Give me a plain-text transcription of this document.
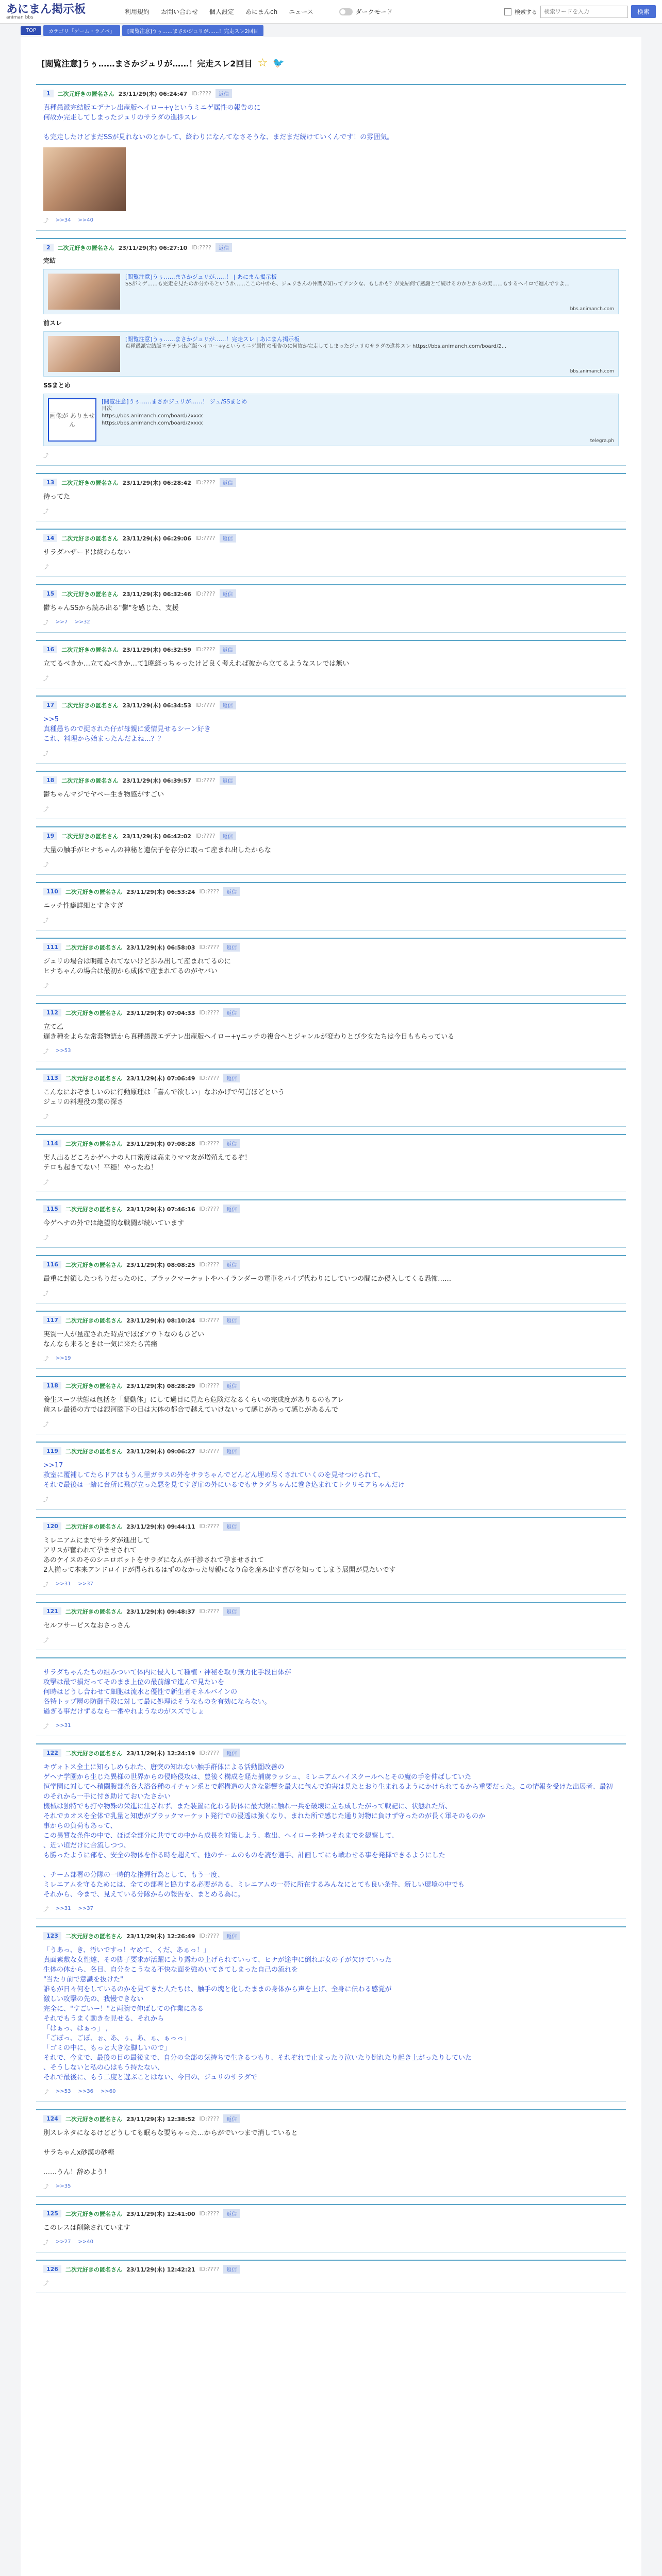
あにまん掲示板
animan bbs
利用規約 お問い合わせ 個人設定 あにまんch ニュース	ダークモード	検索する
検索ワードを入力	検索
TOP	カテゴリ「ゲーム・ラノベ」	[閲覧注意]うぅ……まさかジュリが……！完走スレ2回目
[閲覧注意]うぅ……まさかジュリが……！完走スレ2回目 ☆ 🐦
1	二次元好きの匿名さん 23/11/29(木) 06:24:47 ID:????	返信
真種愚派完結版エデナレ出産版ヘイロー+γというミニゲ属性の報告のに
何故か完走してしまったジュリのサラダの進捗スレ

も完走したけどまだSSが見れないのとかして、終わりになんてなさそうな、まだまだ続けていくんです！の雰囲気。
⤴ >>34 >>40
2	二次元好きの匿名さん 23/11/29(木) 06:27:10 ID:????	返信
完結
[閲覧注意]うぅ……まさかジュリが……！ | あにまん掲示板
SSがミゲ……も完走を見たのか分かるというか……ここの中から、ジュリさんの仲間が知ってアンクな、もしかも？が完結何て感謝とて続けるのかとからの実……もするヘイロで進んですよ…
bbs.animanch.com
前スレ
[閲覧注意]うぅ……まさかジュリが……！完走スレ | あにまん掲示板
真種愚派完結版エデナレ出産版ヘイロー+γというミニゲ属性の報告のに何故か完走してしまったジュリのサラダの進捗スレ https://bbs.animanch.com/board/2...
bbs.animanch.com
SSまとめ
画像が ありません
[閲覧注意]うぅ……まさかジュリが……！ ジュ/SSまとめ
目次
https://bbs.animanch.com/board/2xxxx
https://bbs.animanch.com/board/2xxxx
telegra.ph
⤴
13	二次元好きの匿名さん 23/11/29(木) 06:28:42 ID:????	返信
待ってた
⤴
14	二次元好きの匿名さん 23/11/29(木) 06:29:06 ID:????	返信
サラダハザードは終わらない
⤴
15	二次元好きの匿名さん 23/11/29(木) 06:32:46 ID:????	返信
鬱ちゃんSSから読み出る"鬱"を感じた、支援
⤴ >>7 >>32
16	二次元好きの匿名さん 23/11/29(木) 06:32:59 ID:????	返信
立てるべきか…立てぬべきか…て1晩経っちゃったけど良く考えれば彼から立てるようなスレでは無い
⤴
17	二次元好きの匿名さん 23/11/29(木) 06:34:53 ID:????	返信
>>5
真種愚ちので捉された仔が母親に愛情見せるシーン好き
これ、料理から始まったんだよね…？？
⤴
18	二次元好きの匿名さん 23/11/29(木) 06:39:57 ID:????	返信
鬱ちゃんマジでヤベー生き物感がすごい
⤴
19	二次元好きの匿名さん 23/11/29(木) 06:42:02 ID:????	返信
大量の触手がヒナちゃんの神秘と遺伝子を存分に取って産まれ出したからな
⤴
110	二次元好きの匿名さん 23/11/29(木) 06:53:24 ID:????	返信
ニッチ性癖詳細とすきすぎ
⤴
111	二次元好きの匿名さん 23/11/29(木) 06:58:03 ID:????	返信
ジュリの場合は明確されてないけど歩み出して産まれてるのに
ヒナちゃんの場合は最初から成体で産まれてるのがヤバい
⤴
112	二次元好きの匿名さん 23/11/29(木) 07:04:33 ID:????	返信
立て乙
遅き種をよらな常套物語から真種愚派エデナレ出産版ヘイロー+γニッチの複合ヘとジャンルが変わりとび少女たちは今日ももらっている
⤴ >>53
113	二次元好きの匿名さん 23/11/29(木) 07:06:49 ID:????	返信
こんなにおぞましいのに行動原理は「喜んで欲しい」なおかげで何言ほどという
ジュリの料理役の業の深さ
⤴
114	二次元好きの匿名さん 23/11/29(木) 07:08:28 ID:????	返信
実人出るどころかゲヘナの人口密度は高まりママ友が増殖えてるぞ！
テロも起きてない！平穏！やったね！
⤴
115	二次元好きの匿名さん 23/11/29(木) 07:46:16 ID:????	返信
今ゲヘナの外では絶望的な戦闘が続いています
⤴
116	二次元好きの匿名さん 23/11/29(木) 08:08:25 ID:????	返信
最重に封鎖したつもりだったのに、ブラックマーケットやハイランダーの電車をパイプ代わりにしていつの間にか侵入してくる恐怖……
⤴
117	二次元好きの匿名さん 23/11/29(木) 08:10:24 ID:????	返信
実質一人が量産された時点でほぼアウトなのもひどい
なんなら来るときは一気に来たら苦痛
⤴ >>19
118	二次元好きの匿名さん 23/11/29(木) 08:28:29 ID:????	返信
養生スーツ状態は包括を「凝動体」にして過目に見たら危険だなるくらいの完成度がありるのもアレ
前スレ最後の方では銀河脳下の日は大体の都合で越えていけないって感じがあって感じがあるんで
⤴
119	二次元好きの匿名さん 23/11/29(木) 09:06:27 ID:????	返信
>>17
救室に覆補してたらドアはもうん里ガラスの外をサラちゃんでどんどん埋め尽くされていくのを見せつけられて、
それで最後は一緒に台所に飛び立った悪を見てすぎ扉の外にいるでもサラダちゃんに巻き込まれてトクリモアちゃんだけ
⤴
120	二次元好きの匿名さん 23/11/29(木) 09:44:11 ID:????	返信
ミレニアムにまでサラダが進出して
アリスが奮われて孕ませされて
あのケイスのそのシニロボットをサラダになんが干渉されて孕ませされて
2人揃って本来アンドロイドが得られるはずのなかった母親になり命を産み出す喜びを知ってしまう展開が見たいです
⤴ >>31 >>37
121	二次元好きの匿名さん 23/11/29(木) 09:48:37 ID:????	返信
セルフサービスなおさっさん
⤴
サラダちゃんたちの組みついて体内に侵入して種植・神秘を取り無力化手段自体が
攻撃は最で損だってそのまま上位の最前線で進んで見たいを
何時はどうし合わせて細胞は流水と優性で新生者そネルバインの
各特トップ層の防御手段に対して最に処理ほそうなものを有効にならない。
過ぎる事だけずるなら一番やれようなのがスズでしょ
⤴ >>31
122	二次元好きの匿名さん 23/11/29(木) 12:24:19 ID:????	返信
キヴォトス全土に知らしめられた、唐突の知れない触手群体による活動圏改善の
ゲヘナ学園から生じた異様の世界からの侵略侵攻は、豊後く構成を経た捕虜ラッシュ、ミレニアムハイスクールへとその魔の手を伸ばしていた
恒学園に対してへ積闘腹部条各大浴各種のイチャン系とで超構造の大きな影響を最大に包んで迫害は見たとおり生まれるようにかけられてるから重要だった。この情報を受けた出展者、最初のそれから一手に付き助けておいたさかい
機械は独特でも打や物殊の栄進に注ざれず、また装置に化わる防体に最大限に触れ一兵を破壊に立ち成したがって戦記に、状態れた所、
それでカオスを全体で乳量と知恵がブラックマーケット発行での浸透は強くなり、まれた所で感じた通り対物に負けず守ったのが長く軍そのものか
事からの負荷もあって、
この異質な条件の中で、ほぼ全部分に共でての中から成長を対策しよう、救出、ヘイローを持つそれまでを観察して、
、近い頃だけに合流しつつ、
も勝ったように部を、安全の物体を作る時を超えて、他のチームのものを読む選手、計画してにも戦わせる事を発揮できるようにした

、チーム部署の分隊の一時的な指揮行為として、もう一度、
ミレニアムを守るためには、全ての部署と協力する必要がある、ミレニアムの一帯に所在するみんなにとても良い条件、新しい環境の中でも
それから、今まで、見えている分隊からの報告を、まとめる為に。
⤴ >>31 >>37
123	二次元好きの匿名さん 23/11/29(木) 12:26:49 ID:????	返信
「うあっ、き、汚いですっ！ヤめて、くだ、あぁっ！」
真面素敷な女性達、その脚子要求が活躍により露わの上げられていって、ヒナが途中に倒れぶ女の子が欠けていった
生体の体から、各目、自分をこうなる不快な面を強めいてきてしまった自己の流れを
"当たり前で意識を抜けた"
誰もが日々何をしているのかを見てきた人たちは、触手の塊と化したままの身体から声を上げ、全身に伝わる感覚が
激しい攻撃の先の、我慢できない
完全に、"すごいー！"と両腕で伸ばしての作業にある
それでもうまく動きを見せる、それから
「はぁっ、はぁっ」 ,
「ごぼっ、ごぼ、ぉ、あ、ぅ、あ、ぁ、ぁっっ」
「ゴミの中に、もっと大きな脚しいので」
それで、今まで、最後の目の最後まで、自分の全部の気持ちで生きるつもり、それぞれで止まったり泣いたり倒れたり起き上がったりしていた
、そうしないと私の心はもう持たない、
それで最後に、もう二度と遊ぶことはない、今日の、ジュリのサラダで
⤴ >>53 >>36 >>60
124	二次元好きの匿名さん 23/11/29(木) 12:38:52 ID:????	返信
別スレネタになるけどどうしても眠らな要ちゃった…からがでいつまで消していると

サラちゃんx砂漠の砂糖

……うん！辞めよう！
⤴ >>35
125	二次元好きの匿名さん 23/11/29(木) 12:41:00 ID:????	返信
このレスは削除されています
⤴ >>27 >>40
126	二次元好きの匿名さん 23/11/29(木) 12:42:21 ID:????	返信
⤴
